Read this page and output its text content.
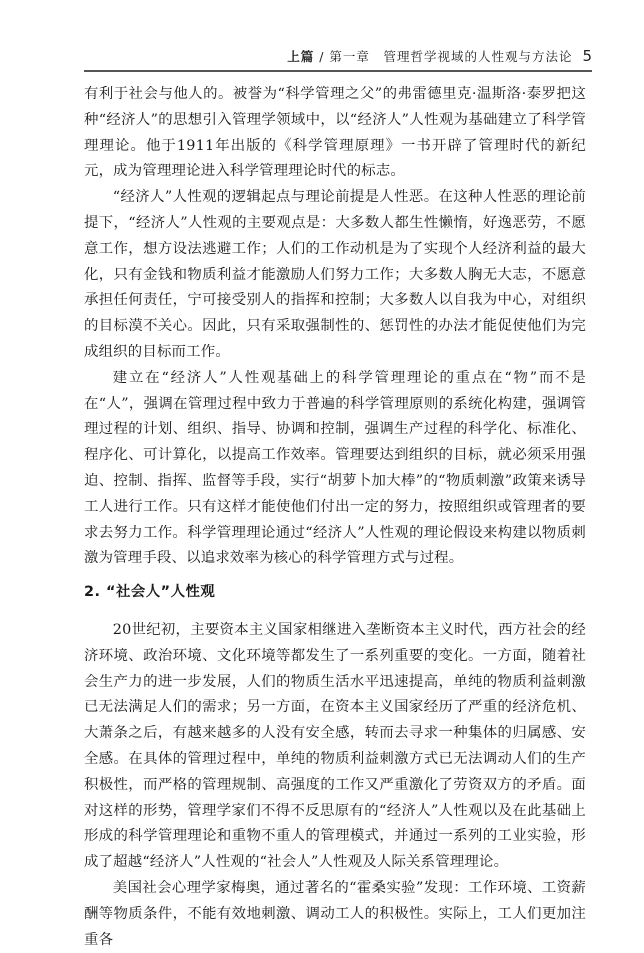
上篇 / 第一章　 管理哲学视域的人性观与方法论 5

有利于社会与他人的。被誉为“科学管理之父”的弗雷德里克·温斯洛·泰罗把这种“经济人”的思想引入管理学领域中，以“经济人”人性观为基础建立了科学管理理论。他于1911年出版的《科学管理原理》一书开辟了管理时代的新纪元，成为管理理论进入科学管理理论时代的标志。

“经济人”人性观的逻辑起点与理论前提是人性恶。在这种人性恶的理论前提下，“经济人”人性观的主要观点是：大多数人都生性懒惰，好逸恶劳，不愿意工作，想方设法逃避工作；人们的工作动机是为了实现个人经济利益的最大化，只有金钱和物质利益才能激励人们努力工作；大多数人胸无大志，不愿意承担任何责任，宁可接受别人的指挥和控制；大多数人以自我为中心，对组织的目标漠不关心。因此，只有采取强制性的、惩罚性的办法才能促使他们为完成组织的目标而工作。

建立在“经济人”人性观基础上的科学管理理论的重点在“物”而不是在“人”，强调在管理过程中致力于普遍的科学管理原则的系统化构建，强调管理过程的计划、组织、指导、协调和控制，强调生产过程的科学化、标准化、程序化、可计算化，以提高工作效率。管理要达到组织的目标，就必须采用强迫、控制、指挥、监督等手段，实行“胡萝卜加大棒”的“物质刺激”政策来诱导工人进行工作。只有这样才能使他们付出一定的努力，按照组织或管理者的要求去努力工作。科学管理理论通过“经济人”人性观的理论假设来构建以物质刺激为管理手段、以追求效率为核心的科学管理方式与过程。

2. “社会人”人性观

20世纪初，主要资本主义国家相继进入垄断资本主义时代，西方社会的经济环境、政治环境、文化环境等都发生了一系列重要的变化。一方面，随着社会生产力的进一步发展，人们的物质生活水平迅速提高，单纯的物质利益刺激已无法满足人们的需求；另一方面，在资本主义国家经历了严重的经济危机、大萧条之后，有越来越多的人没有安全感，转而去寻求一种集体的归属感、安全感。在具体的管理过程中，单纯的物质利益刺激方式已无法调动人们的生产积极性，而严格的管理规制、高强度的工作又严重激化了劳资双方的矛盾。面对这样的形势，管理学家们不得不反思原有的“经济人”人性观以及在此基础上形成的科学管理理论和重物不重人的管理模式，并通过一系列的工业实验，形成了超越“经济人”人性观的“社会人”人性观及人际关系管理理论。

美国社会心理学家梅奥，通过著名的“霍桑实验”发现：工作环境、工资薪酬等物质条件，不能有效地刺激、调动工人的积极性。实际上，工人们更加注重各
